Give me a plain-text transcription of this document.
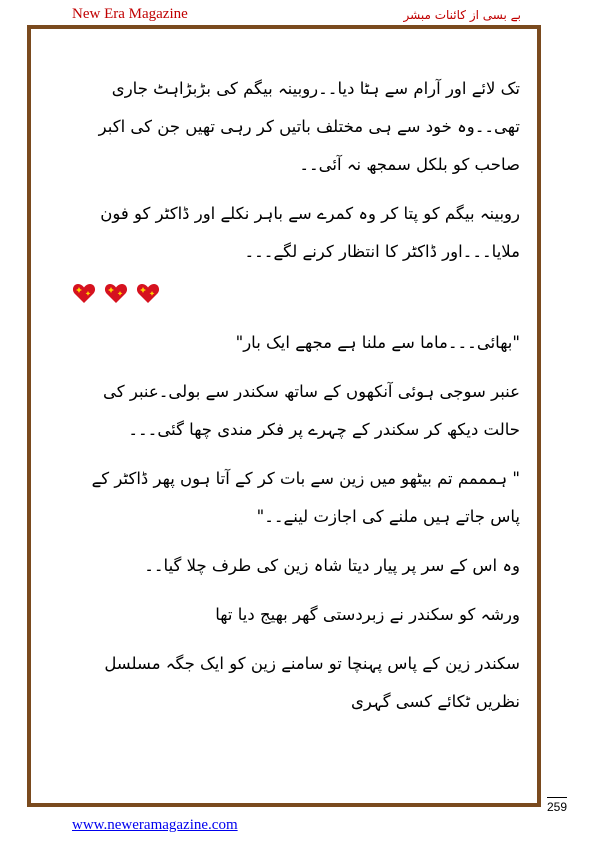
New Era Magazine	بے بسی از کائنات مبشر

تک لائے اور آرام سے ہٹا دیا۔۔روبینہ بیگم کی بڑبڑاہٹ جاری تھی۔۔وہ خود سے ہی مختلف باتیں کر رہی تھیں جن کی اکبر صاحب کو بلکل سمجھ نہ آئی۔۔

روبینہ بیگم کو پتا کر وہ کمرے سے باہر نکلے اور ڈاکٹر کو فون ملایا۔۔۔اور ڈاکٹر کا انتظار کرنے لگے۔۔۔

"بھائی۔۔۔ماما سے ملنا ہے مجھے ایک بار"

عنبر سوجی ہوئی آنکھوں کے ساتھ سکندر سے بولی۔عنبر کی حالت دیکھ کر سکندر کے چہرے پر فکر مندی چھا گئی۔۔۔

" ہمممم تم بیٹھو میں زین سے بات کر کے آتا ہوں پھر ڈاکٹر کے پاس جاتے ہیں ملنے کی اجازت لینے۔۔"

وہ اس کے سر پر پیار دیتا شاہ زین کی طرف چلا گیا۔۔

ورشہ کو سکندر نے زبردستی گھر بھیج دیا تھا

سکندر زین کے پاس پہنچا تو سامنے زین کو ایک جگہ مسلسل نظریں ٹکائے کسی گہری

259
www.neweramagazine.com
